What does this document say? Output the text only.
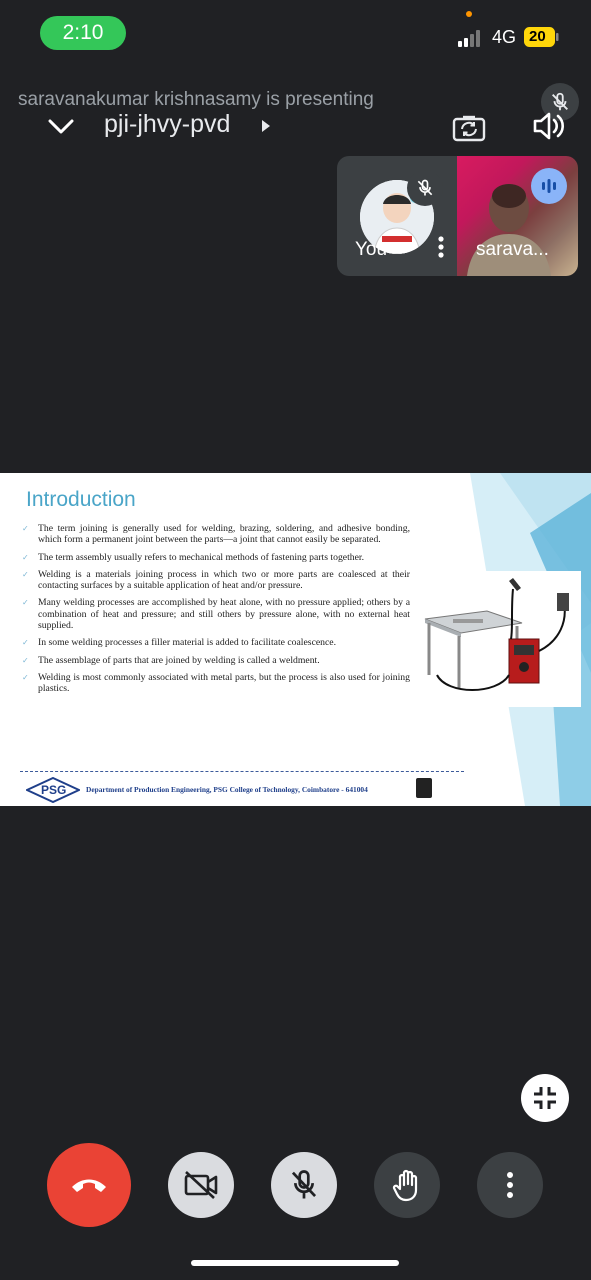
2:10	4G 20
saravanakumar krishnasamy is presenting
pji-jhvy-pvd
You	sarava...
Introduction
✓ The term joining is generally used for welding, brazing, soldering, and adhesive bonding, which form a permanent joint between the parts—a joint that cannot easily be separated.
✓ The term assembly usually refers to mechanical methods of fastening parts together.
✓ Welding is a materials joining process in which two or more parts are coalesced at their contacting surfaces by a suitable application of heat and/or pressure.
✓ Many welding processes are accomplished by heat alone, with no pressure applied; others by a combination of heat and pressure; and still others by pressure alone, with no external heat supplied.
✓ In some welding processes a filler material is added to facilitate coalescence.
✓ The assemblage of parts that are joined by welding is called a weldment.
✓ Welding is most commonly associated with metal parts, but the process is also used for joining plastics.
PSG	Department of Production Engineering, PSG College of Technology, Coimbatore - 641004
